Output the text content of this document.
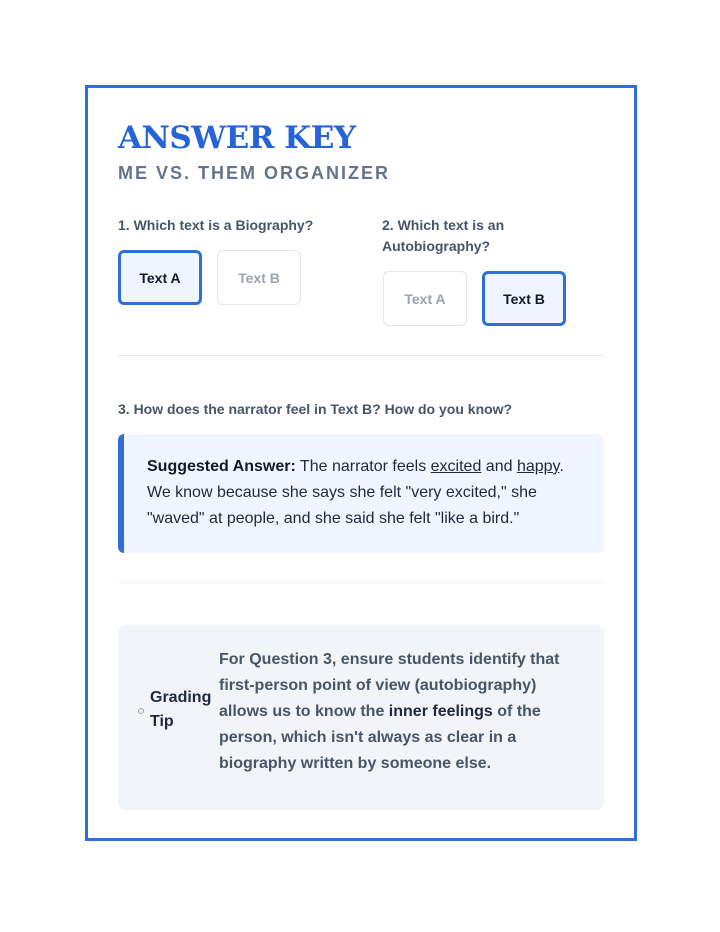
ANSWER KEY
ME VS. THEM ORGANIZER
1. Which text is a Biography?
Text A	Text B
2. Which text is an Autobiography?
Text A	Text B
3. How does the narrator feel in Text B? How do you know?
Suggested Answer: The narrator feels excited and happy. We know because she says she felt "very excited," she "waved" at people, and she said she felt "like a bird."
Grading Tip
For Question 3, ensure students identify that first-person point of view (autobiography) allows us to know the inner feelings of the person, which isn't always as clear in a biography written by someone else.
